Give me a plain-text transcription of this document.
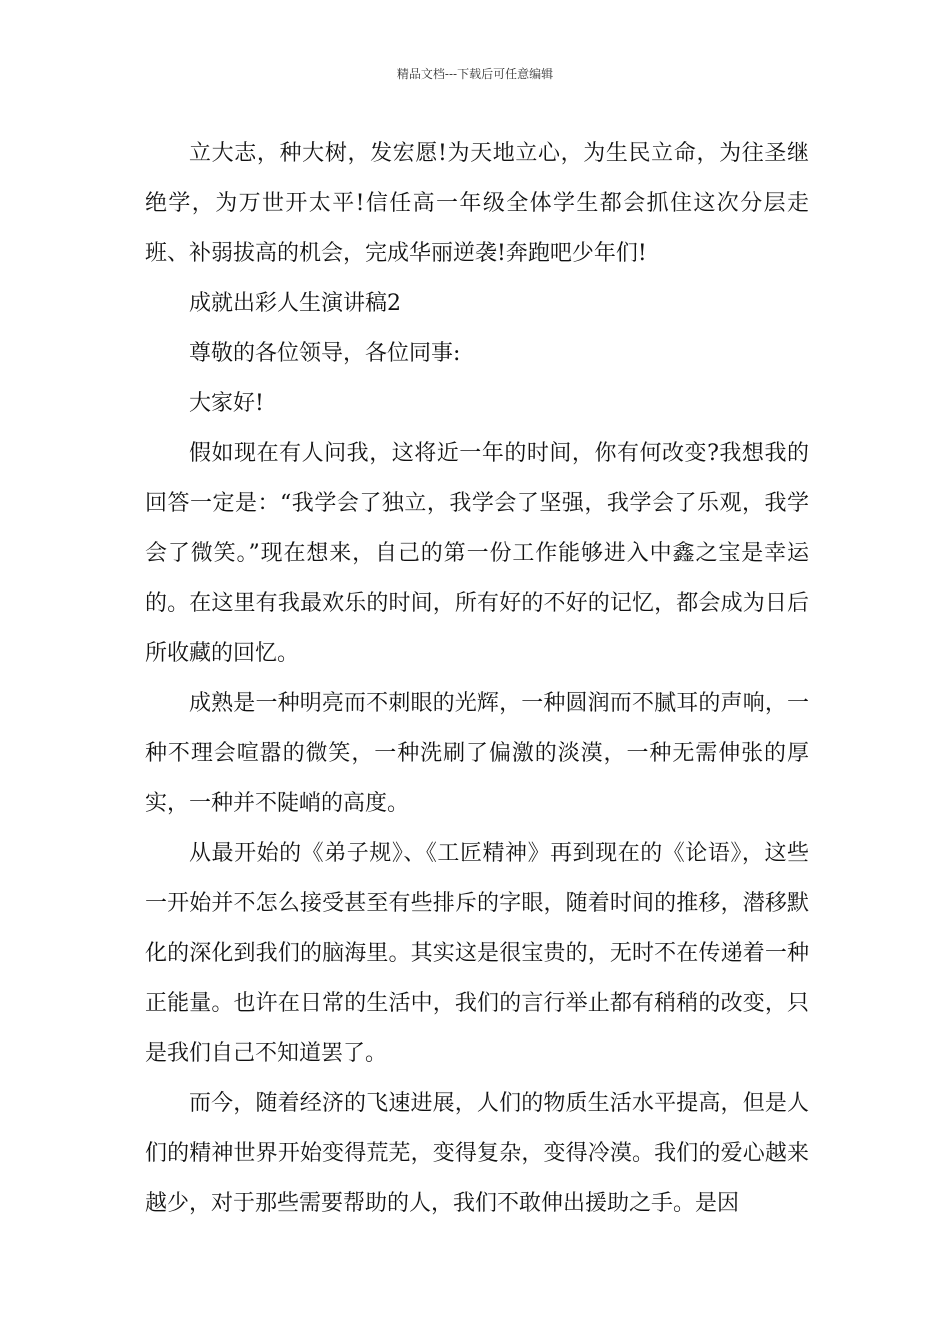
精品文档---下载后可任意编辑

立大志，种大树，发宏愿!为天地立心，为生民立命，为往圣继绝学，为万世开太平!信任高一年级全体学生都会抓住这次分层走班、补弱拔高的机会，完成华丽逆袭!奔跑吧少年们!

成就出彩人生演讲稿2

尊敬的各位领导，各位同事:

大家好!

假如现在有人问我，这将近一年的时间，你有何改变?我想我的回答一定是：“我学会了独立，我学会了坚强，我学会了乐观，我学会了微笑。”现在想来，自己的第一份工作能够进入中鑫之宝是幸运的。在这里有我最欢乐的时间，所有好的不好的记忆，都会成为日后所收藏的回忆。

成熟是一种明亮而不刺眼的光辉，一种圆润而不腻耳的声响，一种不理会喧嚣的微笑，一种洗刷了偏激的淡漠，一种无需伸张的厚实，一种并不陡峭的高度。

从最开始的《弟子规》、《工匠精神》再到现在的《论语》，这些一开始并不怎么接受甚至有些排斥的字眼，随着时间的推移，潜移默化的深化到我们的脑海里。其实这是很宝贵的，无时不在传递着一种正能量。也许在日常的生活中，我们的言行举止都有稍稍的改变，只是我们自己不知道罢了。

而今，随着经济的飞速进展，人们的物质生活水平提高，但是人们的精神世界开始变得荒芜，变得复杂，变得冷漠。我们的爱心越来越少，对于那些需要帮助的人，我们不敢伸出援助之手。是因
